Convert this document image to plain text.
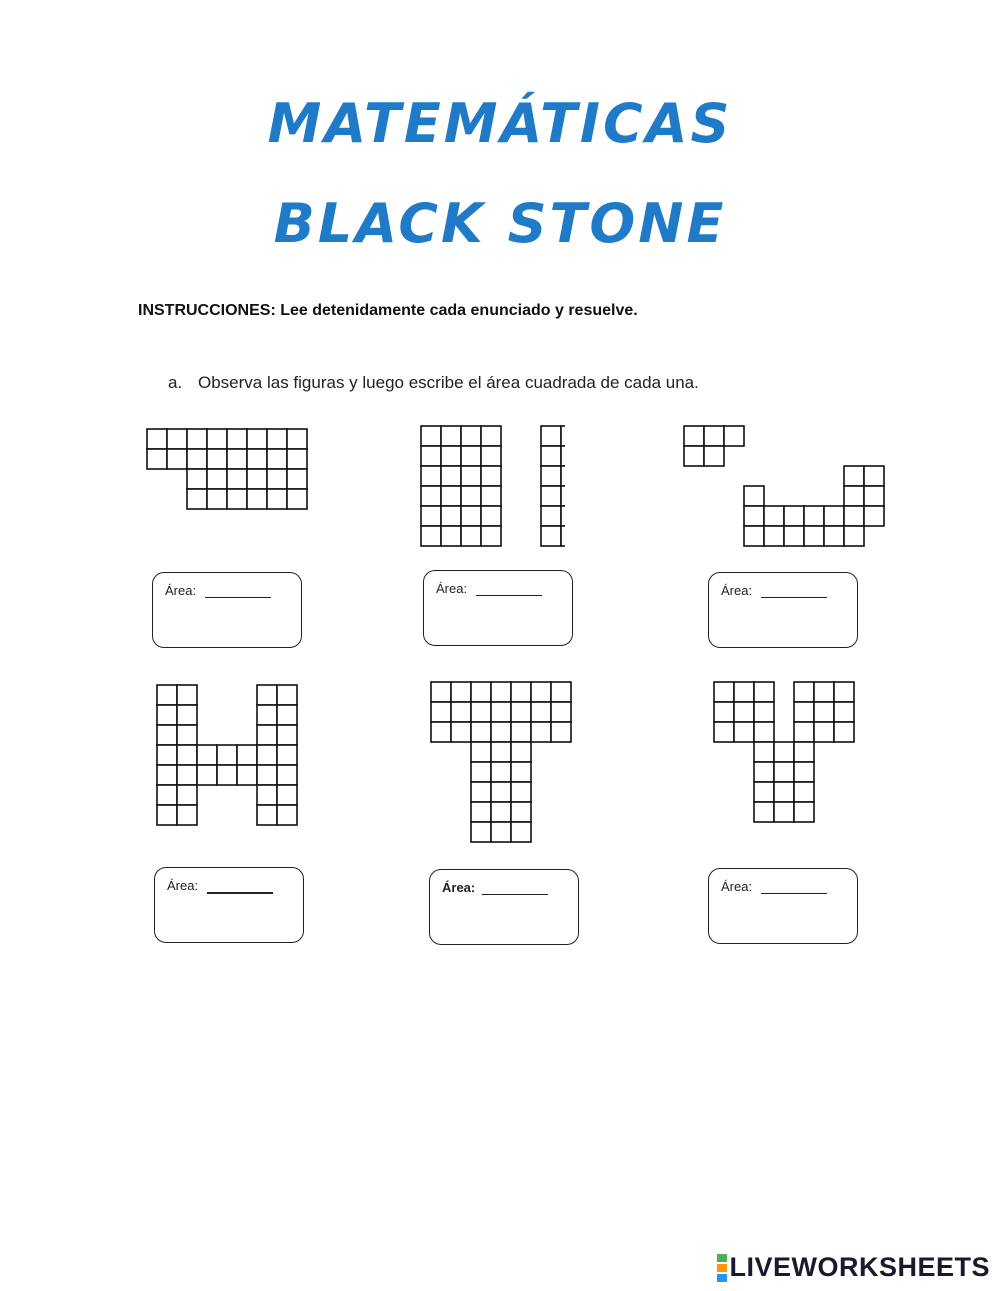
MATEMÁTICAS
BLACK STONE
INSTRUCCIONES: Lee detenidamente cada enunciado y resuelve.
a. Observa las figuras y luego escribe el área cuadrada de cada una.
Área:	Área:	Área:
Área:	Área:	Área:
LIVEWORKSHEETS
